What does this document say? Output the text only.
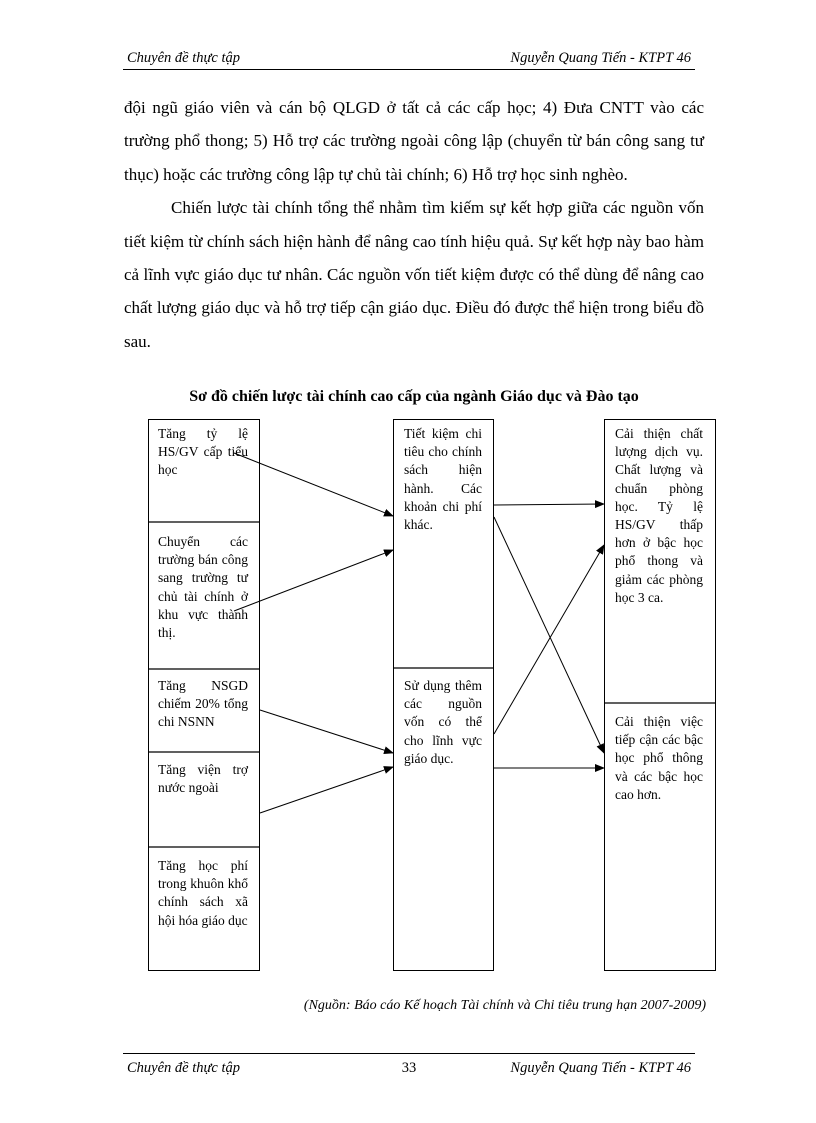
Chuyên đề thực tập	Nguyễn Quang Tiến - KTPT 46

đội ngũ giáo viên và cán bộ QLGD ở tất cả các cấp học; 4) Đưa CNTT vào các trường phổ thong; 5) Hỗ trợ các trường ngoài công lập (chuyển từ bán công sang tư thục) hoặc các trường công lập tự chủ tài chính; 6) Hỗ trợ học sinh nghèo.

Chiến lược tài chính tổng thể nhằm tìm kiếm sự kết hợp giữa các nguồn vốn tiết kiệm từ chính sách hiện hành để nâng cao tính hiệu quả. Sự kết hợp này bao hàm cả lĩnh vực giáo dục tư nhân. Các nguồn vốn tiết kiệm được có thể dùng để nâng cao chất lượng giáo dục và hỗ trợ tiếp cận giáo dục. Điều đó được thể hiện trong biểu đồ sau.

Sơ đồ chiến lược tài chính cao cấp của ngành Giáo dục và Đào tạo

Tăng tỷ lệ HS/GV cấp tiểu học

Chuyển các trường bán công sang trường tư chủ tài chính ở khu vực thành thị.

Tăng NSGD chiếm 20% tổng chi NSNN

Tăng viện trợ nước ngoài

Tăng học phí trong khuôn khổ chính sách xã hội hóa giáo dục

Tiết kiệm chi tiêu cho chính sách hiện hành. Các khoản chi phí khác.

Sử dụng thêm các nguồn vốn có thể cho lĩnh vực giáo dục.

Cải thiện chất lượng dịch vụ. Chất lượng và chuẩn phòng học. Tỷ lệ HS/GV thấp hơn ở bậc học phổ thong và giảm các phòng học 3 ca.

Cải thiện việc tiếp cận các bậc học phổ thông và các bậc học cao hơn.

(Nguồn: Báo cáo Kế hoạch Tài chính và Chi tiêu trung hạn 2007-2009)
Chuyên đề thực tập	33	Nguyễn Quang Tiến - KTPT 46
